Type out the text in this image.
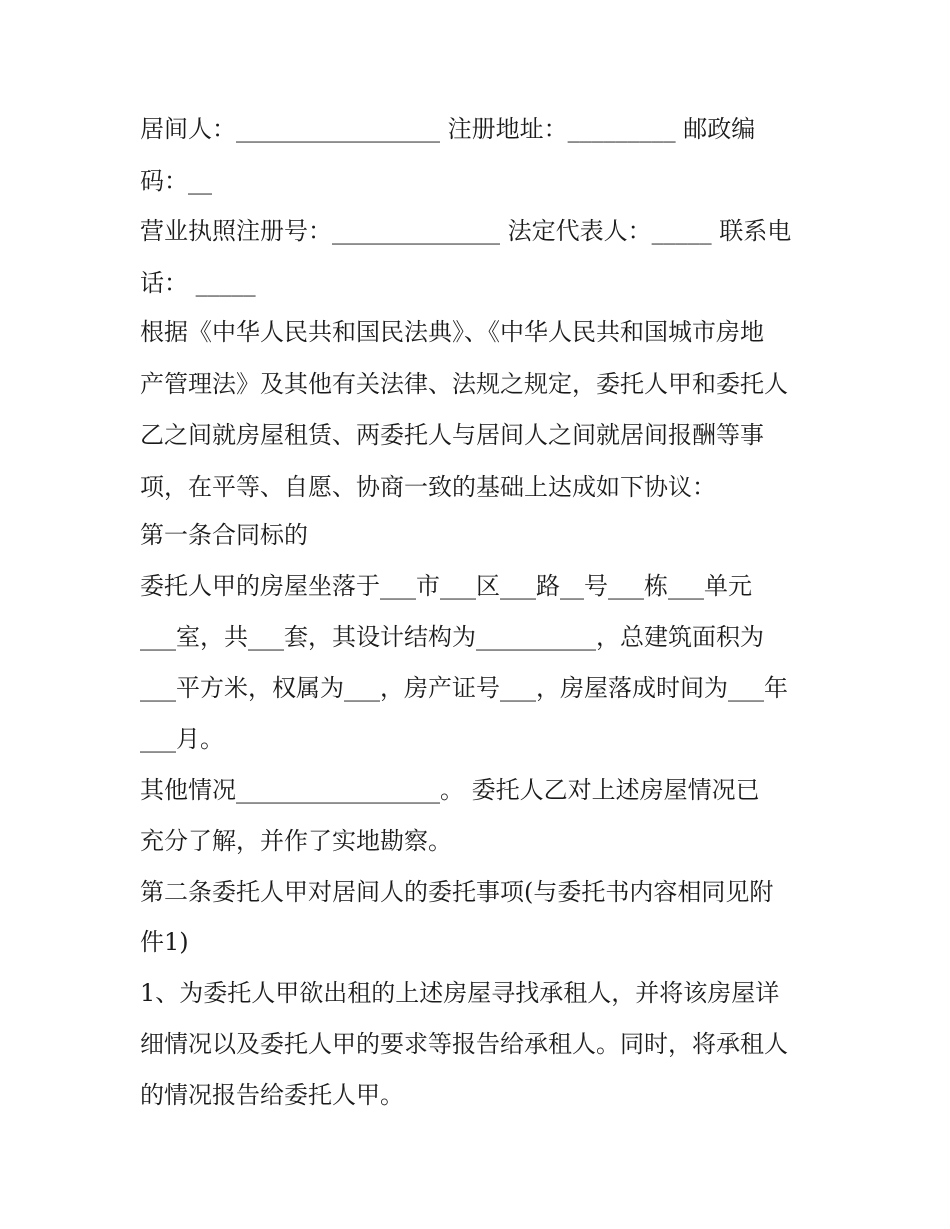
居间人：_________________ 注册地址：_________ 邮政编
码：__
营业执照注册号：______________ 法定代表人：_____ 联系电
话： _____
根据《中华人民共和国民法典》、《中华人民共和国城市房地
产管理法》及其他有关法律、法规之规定，委托人甲和委托人
乙之间就房屋租赁、两委托人与居间人之间就居间报酬等事
项，在平等、自愿、协商一致的基础上达成如下协议：
第一条合同标的
委托人甲的房屋坐落于___市___区___路__号___栋___单元
___室，共___套，其设计结构为__________，总建筑面积为
___平方米，权属为___，房产证号___，房屋落成时间为___年
___月。
其他情况_________________。 委托人乙对上述房屋情况已
充分了解，并作了实地勘察。
第二条委托人甲对居间人的委托事项(与委托书内容相同见附
件1)
1、为委托人甲欲出租的上述房屋寻找承租人，并将该房屋详
细情况以及委托人甲的要求等报告给承租人。同时，将承租人
的情况报告给委托人甲。
